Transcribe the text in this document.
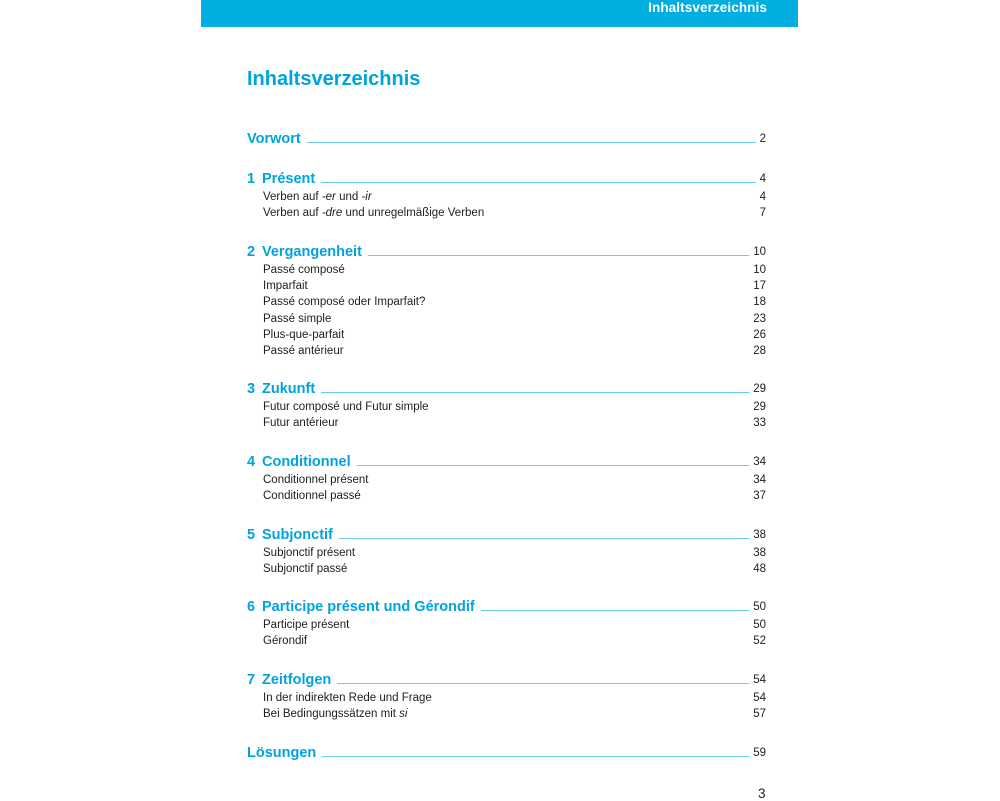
Inhaltsverzeichnis
Inhaltsverzeichnis
Vorwort	2
1 Présent	4
Verben auf -er und -ir	4
Verben auf -dre und unregelmäßige Verben	7
2 Vergangenheit	10
Passé composé	10
Imparfait	17
Passé composé oder Imparfait?	18
Passé simple	23
Plus-que-parfait	26
Passé antérieur	28
3 Zukunft	29
Futur composé und Futur simple	29
Futur antérieur	33
4 Conditionnel	34
Conditionnel présent	34
Conditionnel passé	37
5 Subjonctif	38
Subjonctif présent	38
Subjonctif passé	48
6 Participe présent und Gérondif	50
Participe présent	50
Gérondif	52
7 Zeitfolgen	54
In der indirekten Rede und Frage	54
Bei Bedingungssätzen mit si	57
Lösungen	59
3
